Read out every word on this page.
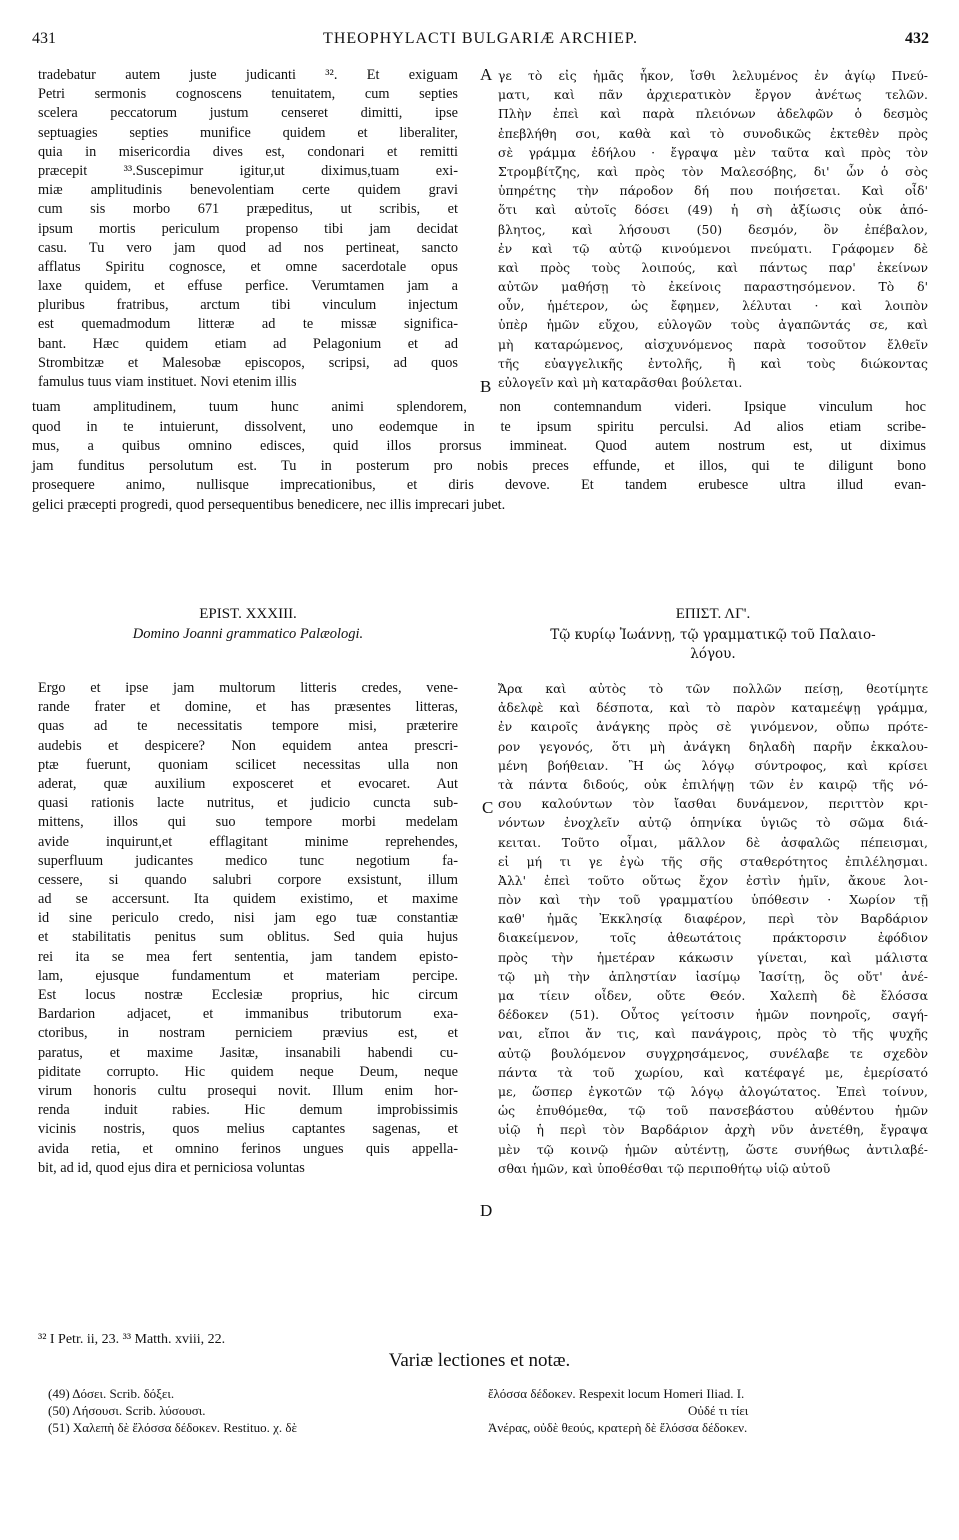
431	THEOPHYLACTI BULGARIÆ ARCHIEP.	432
tradebatur autem juste judicanti ³². Et exiguam
Petri sermonis cognoscens tenuitatem, cum septies
scelera peccatorum justum censeret dimitti, ipse
septuagies septies munifice quidem et liberaliter,
quia in misericordia dives est, condonari et remitti
præcepit ³³.Suscepimur igitur,ut diximus,tuam exi-
miæ amplitudinis benevolentiam certe quidem gravi
cum sis morbo 671 præpeditus, ut scribis, et
ipsum mortis periculum propenso tibi jam decidat
casu. Tu vero jam quod ad nos pertineat, sancto
afflatus Spiritu cognosce, et omne sacerdotale opus
laxe quidem, et effuse perfice. Verumtamen jam a
pluribus fratribus, arctum tibi vinculum injectum
est quemadmodum litteræ ad te missæ significa-
bant. Hæc quidem etiam ad Pelagonium et ad
Strombitzæ et Malesobæ episcopos, scripsi, ad quos
famulus tuus viam instituet. Novi etenim illis
γε τὸ εἰς ἡμᾶς ἧκον, ἴσθι λελυμένος ἐν ἁγίῳ Πνεύ-
ματι, καὶ πᾶν ἀρχιερατικὸν ἔργον ἀνέτως τελῶν.
Πλὴν ἐπεὶ καὶ παρὰ πλειόνων ἀδελφῶν ὁ δεσμὸς
ἐπεβλήθη σοι, καθὰ καὶ τὸ συνοδικῶς ἐκτεθὲν πρὸς
σὲ γράμμα ἐδήλου · ἔγραψα μὲν ταῦτα καὶ πρὸς τὸν
Στρομβίτζης, καὶ πρὸς τὸν Μαλεσόβης, δι' ὧν ὁ σὸς
ὑπηρέτης τὴν πάροδον δή που ποιήσεται. Καὶ οἶδ'
ὅτι καὶ αὐτοῖς δόσει (49) ἡ σὴ ἀξίωσις οὐκ ἀπό-
βλητος, καὶ λήσουσι (50) δεσμόν, ὃν ἐπέβαλον,
ἐν καὶ τῷ αὐτῷ κινούμενοι πνεύματι. Γράφομεν δὲ
καὶ πρὸς τοὺς λοιπούς, καὶ πάντως παρ' ἐκείνων
αὐτῶν μαθήσῃ τὸ ἐκείνοις παραστησόμενον. Τὸ δ'
οὖν, ἡμέτερον, ὡς ἔφημεν, λέλυται · καὶ λοιπὸν
ὑπὲρ ἡμῶν εὔχου, εὐλογῶν τοὺς ἀγαπῶντάς σε, καὶ
μὴ καταρώμενος, αἰσχυνόμενος παρὰ τοσοῦτον ἔλθεῖν
τῆς εὐαγγελικῆς ἐντολῆς, ἢ καὶ τοὺς διώκοντας
εὐλογεῖν καὶ μὴ καταρᾶσθαι βούλεται.
A
B
C
D
tuam amplitudinem, tuum hunc animi splendorem, non contemnandum videri. Ipsique vinculum hoc
quod in te intuierunt, dissolvent, uno eodemque in te ipsum spiritu perculsi. Ad alios etiam scribe-
mus, a quibus omnino edisces, quid illos prorsus immineat. Quod autem nostrum est, ut diximus
jam funditus persolutum est. Tu in posterum pro nobis preces effunde, et illos, qui te diligunt bono
prosequere animo, nullisque imprecationibus, et diris devove. Et tandem erubesce ultra illud evan-
gelici præcepti progredi, quod persequentibus benedicere, nec illis imprecari jubet.
EPIST. XXXIII.
Domino Joanni grammatico Palæologi.
ΕΠΙΣΤ. ΛΓ'.
Τῷ κυρίῳ Ἰωάννῃ, τῷ γραμματικῷ τοῦ Παλαιο-
λόγου.
Ergo et ipse jam multorum litteris credes, vene-
rande frater et domine, et has præsentes litteras,
quas ad te necessitatis tempore misi, præterire
audebis et despicere? Non equidem antea prescri-
ptæ fuerunt, quoniam scilicet necessitas ulla non
aderat, quæ auxilium exposceret et evocaret. Aut
quasi rationis lacte nutritus, et judicio cuncta sub-
mittens, illos qui suo tempore morbi medelam
avide inquirunt,et efflagitant minime reprehendes,
superfluum judicantes medico tunc negotium fa-
cessere, si quando salubri corpore exsistunt, illum
ad se accersunt. Ita quidem existimo, et maxime
id sine periculo credo, nisi jam ego tuæ constantiæ
et stabilitatis penitus sum oblitus. Sed quia hujus
rei ita se mea fert sententia, jam tandem episto-
lam, ejusque fundamentum et materiam percipe.
Est locus nostræ Ecclesiæ proprius, hic circum
Bardarion adjacet, et immanibus tributorum exa-
ctoribus, in nostram perniciem prævius est, et
paratus, et maxime Jasitæ, insanabili habendi cu-
piditate corrupto. Hic quidem neque Deum, neque
virum honoris cultu prosequi novit. Illum enim hor-
renda induit rabies. Hic demum improbissimis
vicinis nostris, quos melius captantes sagenas, et
avida retia, et omnino ferinos ungues quis appella-
bit, ad id, quod ejus dira et perniciosa voluntas
Ἄρα καὶ αὐτὸς τὸ τῶν πολλῶν πείσῃ, θεοτίμητε
ἀδελφὲ καὶ δέσποτα, καὶ τὸ παρὸν καταμεέψῃ γράμμα,
ἐν καιροῖς ἀνάγκης πρὸς σὲ γινόμενον, οὔπω πρότε-
ρον γεγονός, ὅτι μὴ ἀνάγκη δηλαδὴ παρῆν ἐκκαλου-
μένη βοήθειαν. Ἢ ὡς λόγῳ σύντροφος, καὶ κρίσει
τὰ πάντα διδούς, οὐκ ἐπιλήψῃ τῶν ἐν καιρῷ τῆς νό-
σου καλούντων τὸν ἴασθαι δυνάμενον, περιττὸν κρι-
νόντων ἐνοχλεῖν αὐτῷ ὁπηνίκα ὑγιῶς τὸ σῶμα διά-
κειται. Τοῦτο οἶμαι, μᾶλλον δὲ ἀσφαλῶς πέπεισμαι,
εἰ μή τι γε ἐγὼ τῆς σῆς σταθερότητος ἐπιλέλησμαι.
Ἀλλ' ἐπεὶ τοῦτο οὕτως ἔχον ἐστὶν ἡμῖν, ἄκουε λοι-
πὸν καὶ τὴν τοῦ γραμματίου ὑπόθεσιν · Χωρίον τῇ
καθ' ἡμᾶς Ἐκκλησίᾳ διαφέρον, περὶ τὸν Βαρδάριον
διακείμενον, τοῖς ἀθεωτάτοις πράκτορσιν ἐφόδιον
πρὸς τὴν ἡμετέραν κάκωσιν γίνεται, καὶ μάλιστα
τῷ μὴ τὴν ἀπληστίαν ἰασίμῳ Ἰασίτῃ, ὃς οὔτ' ἀνέ-
μα τίειν οἶδεν, οὔτε Θεόν. Χαλεπὴ δὲ ἔλόσσα
δέδοκεν (51). Οὗτος γείτοσιν ἡμῶν πονηροῖς, σαγή-
ναι, εἴποι ἄν τις, καὶ πανάγροις, πρὸς τὸ τῆς ψυχῆς
αὐτῷ βουλόμενον συγχρησάμενος, συνέλαβε τε σχεδὸν
πάντα τὰ τοῦ χωρίου, καὶ κατέφαγέ με, ἐμερίσατό
με, ὥσπερ ἐγκοτῶν τῷ λόγῳ ἀλογώτατος. Ἐπεὶ τοίνυν,
ὡς ἐπυθόμεθα, τῷ τοῦ πανσεβάστου αὐθέντου ἡμῶν
υἱῷ ἡ περὶ τὸν Βαρδάριον ἀρχὴ νῦν ἀνετέθη, ἔγραψα
μὲν τῷ κοινῷ ἡμῶν αὐτέντῃ, ὥστε συνήθως ἀντιλαβέ-
σθαι ἡμῶν, καὶ ὑποθέσθαι τῷ περιποθήτῳ υἱῷ αὐτοῦ
³² I Petr. ii, 23. ³³ Matth. xviii, 22.
Variæ lectiones et notæ.
(49) Δόσει. Scrib. δόξει.
(50) Λήσουσι. Scrib. λύσουσι.
(51) Χαλεπὴ δὲ ἔλόσσα δέδοκεν. Restituo. χ. δὲ
ἔλόσσα δέδοκεν. Respexit locum Homeri Iliad. I.
Οὐδέ τι τίει
Ἀνέρας, οὐδὲ θεούς, κρατερὴ δὲ ἔλόσσα δέδοκεν.
